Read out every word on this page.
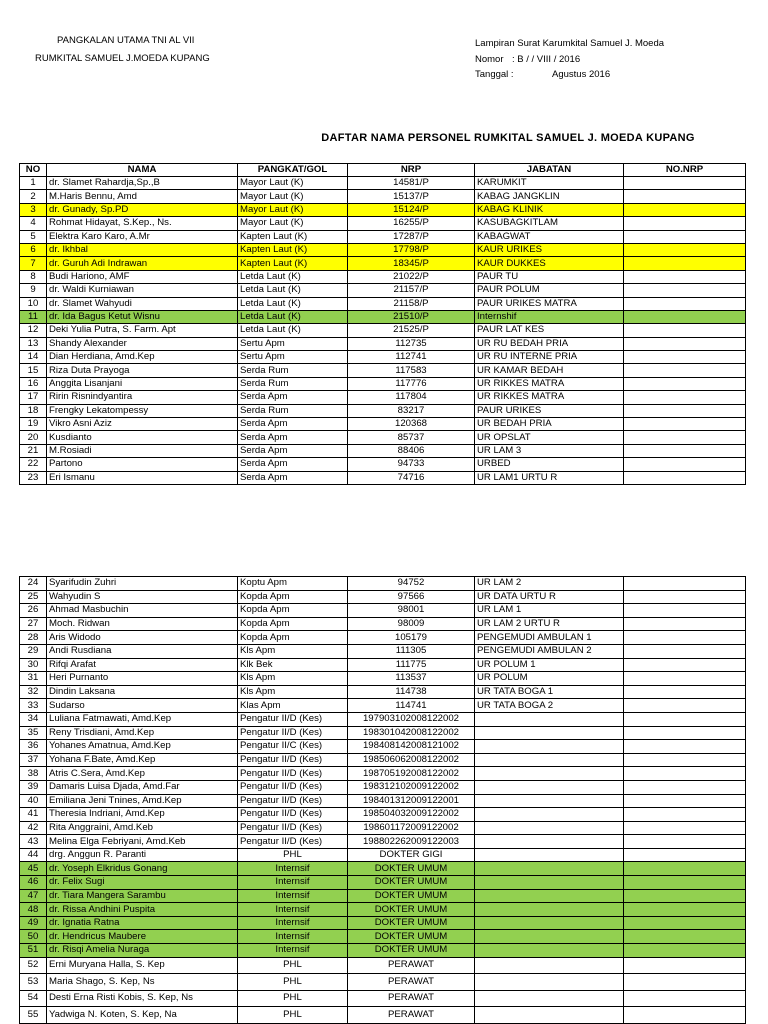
PANGKALAN UTAMA TNI AL VII
RUMKITAL SAMUEL J.MOEDA KUPANG
Lampiran Surat Karumkital Samuel J. Moeda
Nomor : B / / VIII / 2016
Tanggal :	Agustus 2016
DAFTAR NAMA PERSONEL RUMKITAL SAMUEL J. MOEDA KUPANG
NO	NAMA	PANGKAT/GOL	NRP	JABATAN	NO.NRP
1	dr. Slamet Rahardja,Sp.,B	Mayor Laut (K)	14581/P	KARUMKIT	
2	M.Haris Bennu, Amd	Mayor Laut (K)	15137/P	KABAG JANGKLIN	
3	dr. Gunady, Sp.PD	Mayor Laut (K)	15124/P	KABAG KLINIK	
4	Rohmat Hidayat, S.Kep., Ns.	Mayor Laut (K)	16255/P	KASUBAGKITLAM	
5	Elektra Karo Karo, A.Mr	Kapten Laut (K)	17287/P	KABAGWAT	
6	dr. Ikhbal	Kapten Laut (K)	17798/P	KAUR URIKES	
7	dr. Guruh Adi Indrawan	Kapten Laut (K)	18345/P	KAUR DUKKES	
8	Budi Hariono, AMF	Letda Laut (K)	21022/P	PAUR TU	
9	dr. Waldi Kurniawan	Letda Laut (K)	21157/P	PAUR POLUM	
10	dr. Slamet Wahyudi	Letda Laut (K)	21158/P	PAUR URIKES MATRA	
11	dr. Ida Bagus Ketut Wisnu	Letda Laut (K)	21510/P	Internshif	
12	Deki Yulia Putra, S. Farm. Apt	Letda Laut (K)	21525/P	PAUR LAT KES	
13	Shandy Alexander	Sertu Apm	112735	UR RU BEDAH PRIA	
14	Dian Herdiana, Amd.Kep	Sertu Apm	112741	UR RU INTERNE PRIA	
15	Riza Duta Prayoga	Serda Rum	117583	UR KAMAR BEDAH	
16	Anggita Lisanjani	Serda Rum	117776	UR RIKKES MATRA	
17	Ririn Risnindyantira	Serda Apm	117804	UR RIKKES MATRA	
18	Frengky Lekatompessy	Serda Rum	83217	PAUR URIKES	
19	Vikro Asni Aziz	Serda Apm	120368	UR BEDAH PRIA	
20	Kusdianto	Serda Apm	85737	UR OPSLAT	
21	M.Rosiadi	Serda Apm	88406	UR LAM 3	
22	Partono	Serda Apm	94733	URBED	
23	Eri Ismanu	Serda Apm	74716	UR LAM1 URTU R	
24	Syarifudin Zuhri	Koptu Apm	94752	UR LAM 2	
25	Wahyudin S	Kopda Apm	97566	UR DATA URTU R	
26	Ahmad Masbuchin	Kopda Apm	98001	UR LAM 1	
27	Moch. Ridwan	Kopda Apm	98009	UR LAM 2 URTU R	
28	Aris Widodo	Kopda Apm	105179	PENGEMUDI AMBULAN 1	
29	Andi Rusdiana	Kls Apm	111305	PENGEMUDI AMBULAN 2	
30	Rifqi Arafat	Klk Bek	111775	UR POLUM 1	
31	Heri Purnanto	Kls Apm	113537	UR POLUM	
32	Dindin Laksana	Kls Apm	114738	UR TATA BOGA 1	
33	Sudarso	Klas Apm	114741	UR TATA BOGA 2	
34	Luliana Fatmawati, Amd.Kep	Pengatur II/D (Kes)	197903102008122002		
35	Reny Trisdiani, Amd.Kep	Pengatur II/D (Kes)	198301042008122002		
36	Yohanes Amatnua, Amd.Kep	Pengatur II/C (Kes)	198408142008121002		
37	Yohana F.Bate, Amd.Kep	Pengatur II/D (Kes)	198506062008122002		
38	Atris C.Sera, Amd.Kep	Pengatur II/D (Kes)	198705192008122002		
39	Damaris Luisa Djada, Amd.Far	Pengatur II/D (Kes)	198312102009122002		
40	Emiliana Jeni Tnines, Amd.Kep	Pengatur II/D (Kes)	198401312009122001		
41	Theresia Indriani, Amd.Kep	Pengatur II/D (Kes)	198504032009122002		
42	Rita Anggraini, Amd.Keb	Pengatur II/D (Kes)	198601172009122002		
43	Melina Elga Febriyani, Amd.Keb	Pengatur II/D (Kes)	198802262009122003		
44	drg. Anggun R. Paranti	PHL	DOKTER GIGI		
45	dr. Yoseph Elkridus Gonang	Internsif	DOKTER UMUM		
46	dr. Felix Sugi	Internsif	DOKTER UMUM		
47	dr. Tiara Mangera Sarambu	Internsif	DOKTER UMUM		
48	dr. Rissa Andhini Puspita	Internsif	DOKTER UMUM		
49	dr. Ignatia Ratna	Internsif	DOKTER UMUM		
50	dr. Hendricus Maubere	Internsif	DOKTER UMUM		
51	dr. Risqi Amelia Nuraga	Internsif	DOKTER UMUM		
52	Erni Muryana Halla, S. Kep	PHL	PERAWAT		
53	Maria Shago, S. Kep, Ns	PHL	PERAWAT		
54	Desti Erna Risti Kobis, S. Kep, Ns	PHL	PERAWAT		
55	Yadwiga N. Koten, S. Kep, Na	PHL	PERAWAT		
